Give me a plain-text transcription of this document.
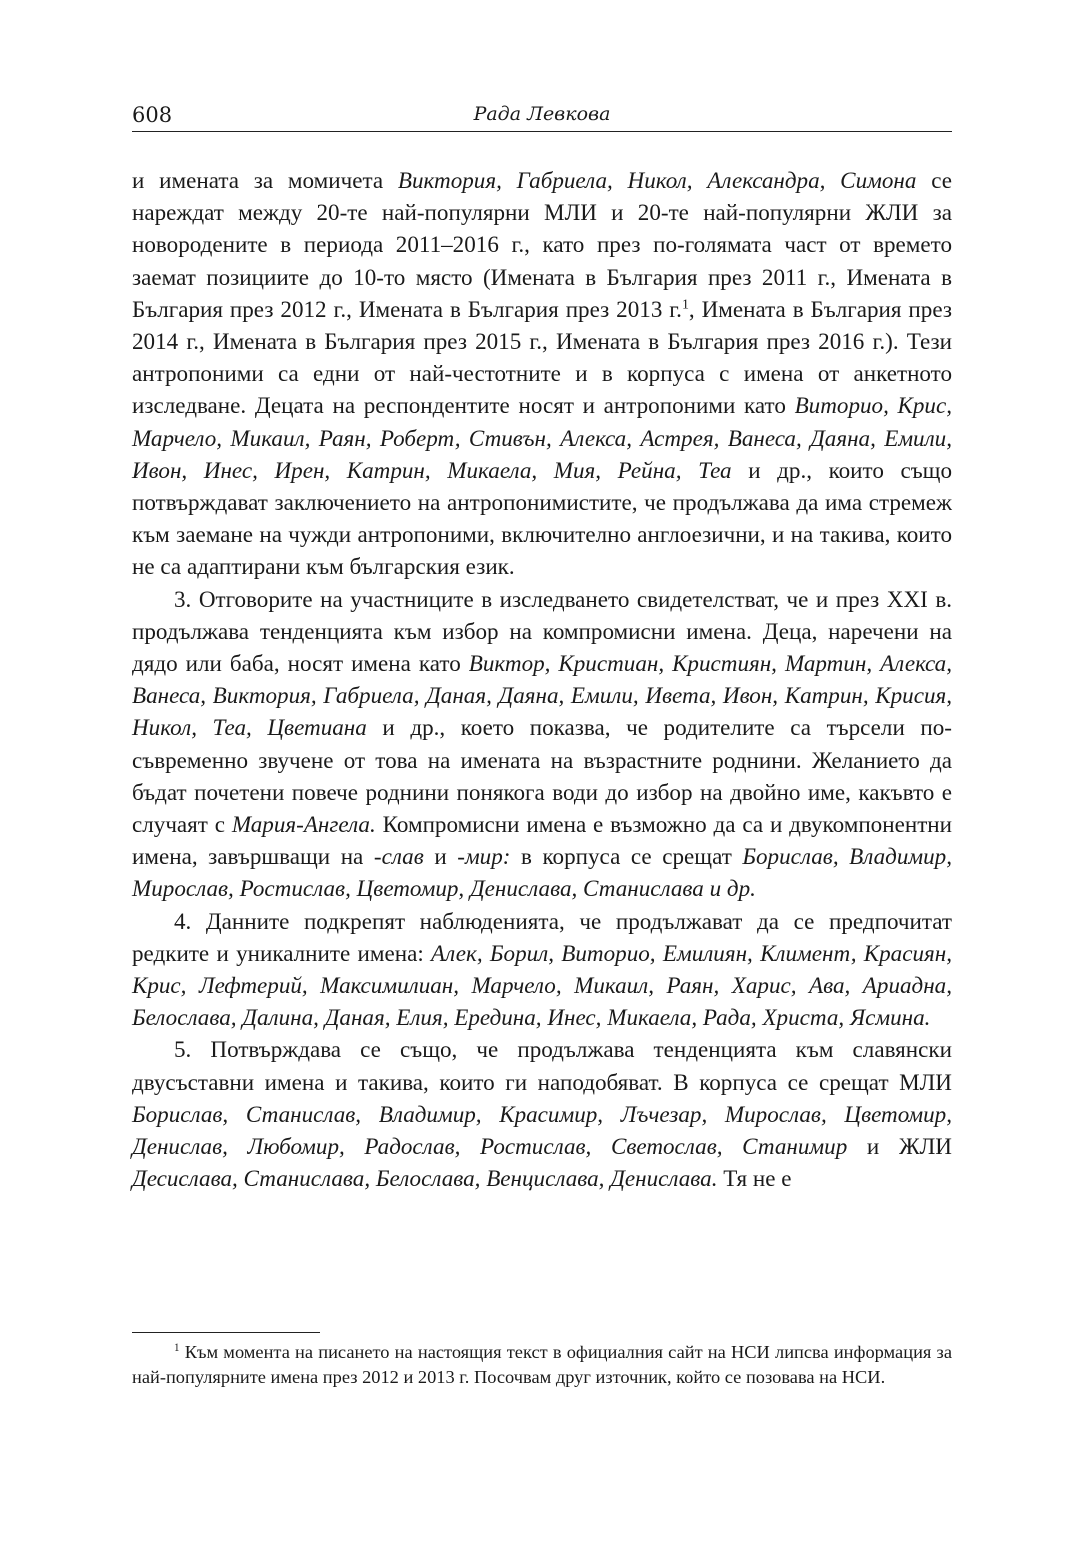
608	Рада Левкова

и имената за момичета Виктория, Габриела, Никол, Александра, Симона се нареждат между 20-те най-популярни МЛИ и 20-те най-популярни ЖЛИ за новородените в периода 2011–2016 г., като през по-голямата част от времето заемат позициите до 10-то място (Имената в България през 2011 г., Имената в България през 2012 г., Имената в България през 2013 г.$^1$, Имената в България през 2014 г., Имената в България през 2015 г., Имената в България през 2016 г.). Тези антропоними са едни от най-честотните и в корпуса с имена от анкетното изследване. Децата на респондентите носят и антропоними като Виторио, Крис, Марчело, Микаил, Раян, Роберт, Стивън, Алекса, Астрея, Ванеса, Даяна, Емили, Ивон, Инес, Ирен, Катрин, Микаела, Мия, Рейна, Теа и др., които също потвърждават заключението на антропонимистите, че продължава да има стремеж към заемане на чужди антропоними, включително англоезични, и на такива, които не са адаптирани към българския език.

3. Отговорите на участниците в изследването свидетелстват, че и през XXI в. продължава тенденцията към избор на компромисни имена. Деца, наречени на дядо или баба, носят имена като Виктор, Кристиан, Кристиян, Мартин, Алекса, Ванеса, Виктория, Габриела, Даная, Даяна, Емили, Ивета, Ивон, Катрин, Крисия, Никол, Теа, Цветиана и др., което показва, че родителите са търсели по-съвременно звучене от това на имената на възрастните роднини. Желанието да бъдат почетени повече роднини понякога води до избор на двойно име, какъвто е случаят с Мария-Ангела. Компромисни имена е възможно да са и двукомпонентни имена, завършващи на -слав и -мир: в корпуса се срещат Борислав, Владимир, Мирослав, Ростислав, Цветомир, Денислава, Станислава и др.

4. Данните подкрепят наблюденията, че продължават да се предпочитат редките и уникалните имена: Алек, Борил, Виторио, Емилиян, Климент, Красиян, Крис, Лефтерий, Максимилиан, Марчело, Микаил, Раян, Харис, Ава, Ариадна, Белослава, Далина, Даная, Елия, Ередина, Инес, Микаела, Рада, Христа, Ясмина.

5. Потвърждава се също, че продължава тенденцията към славянски двусъставни имена и такива, които ги наподобяват. В корпуса се срещат МЛИ Борислав, Станислав, Владимир, Красимир, Лъчезар, Мирослав, Цветомир, Денислав, Любомир, Радослав, Ростислав, Светослав, Станимир и ЖЛИ Десислава, Станислава, Белослава, Венцислава, Денислава. Тя не е

$^1$ Към момента на писането на настоящия текст в официалния сайт на НСИ липсва информация за най-популярните имена през 2012 и 2013 г. Посочвам друг източник, който се позовава на НСИ.
